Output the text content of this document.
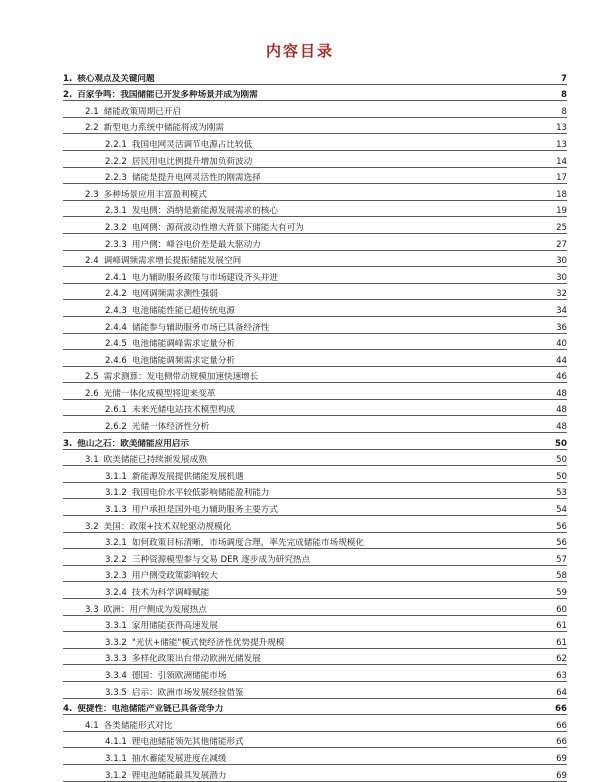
内容目录
1. 核心观点及关键问题	7
2. 百家争鸣：我国储能已开发多种场景并成为刚需	8
2.1 储能政策周期已开启	8
2.2 新型电力系统中储能将成为刚需	13
2.2.1 我国电网灵活调节电源占比较低	13
2.2.2 居民用电比例提升增加负荷波动	14
2.2.3 储能是提升电网灵活性的刚需选择	17
2.3 多种场景应用丰富盈利模式	18
2.3.1 发电侧：消纳是新能源发展需求的核心	19
2.3.2 电网侧：源荷波动性增大背景下储能大有可为	25
2.3.3 用户侧：峰谷电价差是最大驱动力	27
2.4 调峰调频需求增长提振储能发展空间	30
2.4.1 电力辅助服务政策与市场建设齐头并进	30
2.4.2 电网调频需求测性强弱	32
2.4.3 电池储能性能已超传统电源	34
2.4.4 储能参与辅助服务市场已具备经济性	36
2.4.5 电池储能调峰需求定量分析	40
2.4.6 电池储能调频需求定量分析	44
2.5 需求测算：发电侧带动规模加速快速增长	46
2.6 光储一体化成模型将迎来变革	48
2.6.1 未来光储电站技术模型构成	48
2.6.2 光储一体经济性分析	48
3. 他山之石：欧美储能应用启示	50
3.1 欧美储能已持续渐发展成熟	50
3.1.1 新能源发展提供储能发展机遇	50
3.1.2 我国电价水平较低影响储能盈利能力	53
3.1.3 用户承担是国外电力辅助服务主要方式	54
3.2 美国：政策+技术双轮驱动规模化	56
3.2.1 如何政策目标清晰，市场调度合理，率先完成储能市场规模化	56
3.2.2 三种资源模型参与交易 DER 逐步成为研究热点	57
3.2.3 用户侧受政策影响较大	58
3.2.4 技术为科学调峰赋能	59
3.3 欧洲：用户侧成为发展热点	60
3.3.1 家用储能获得高速发展	61
3.3.2 "光伏+储能"模式使经济性优势提升规模	61
3.3.3 多样化政策出台带动欧洲光储发展	62
3.3.4 德国：引领欧洲储能市场	63
3.3.5 启示：欧洲市场发展经验借鉴	64
4. 便捷性：电池储能产业链已具备竞争力	66
4.1 各类储能形式对比	66
4.1.1 锂电池储能领先其他储能形式	66
3.1.1 抽水蓄能发展进度在减缓	69
3.1.2 锂电池储能最具发展潜力	69
